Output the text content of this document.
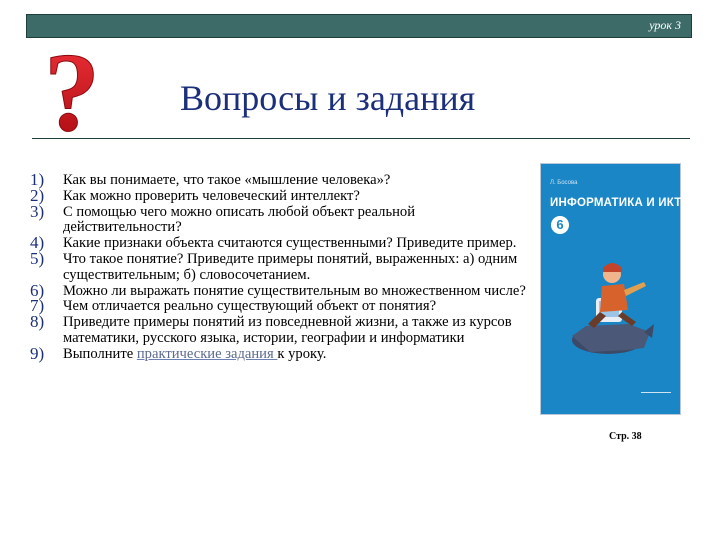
урок 3
? Вопросы и задания
1) Как вы понимаете, что такое «мышление человека»?
2) Как можно проверить человеческий интеллект?
3) С помощью чего можно описать любой объект реальной действительности?
4) Какие признаки объекта считаются существенными? Приведите пример.
5) Что такое понятие? Приведите примеры понятий, выраженных: а) одним существительным; б) словосочетанием.
6) Можно ли выражать понятие существительным во множественном числе?
7) Чем отличается реально существующий объект от понятия?
8) Приведите примеры понятий из повседневной жизни, а также из курсов математики, русского языка, истории, географии и информатики
9) Выполните практические задания к уроку.
Л. Босова
ИНФОРМАТИКА И ИКТ
6
Стр. 38
